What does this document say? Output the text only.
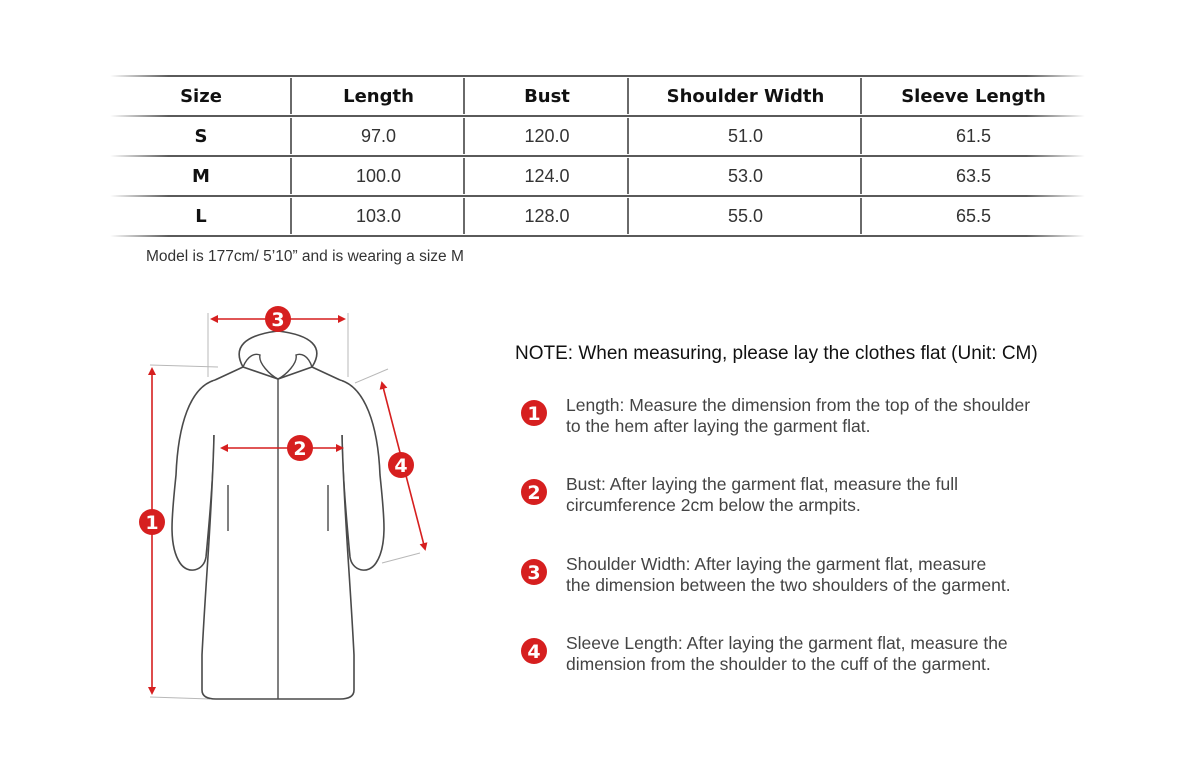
Size	Length	Bust	Shoulder Width	Sleeve Length
S	97.0	120.0	51.0	61.5
M	100.0	124.0	53.0	63.5
L	103.0	128.0	55.0	65.5
Model is 177cm/ 5’10” and is wearing a size M
1
2
3
4
NOTE: When measuring, please lay the clothes flat (Unit: CM)
1 Length: Measure the dimension from the top of the shoulder
to the hem after laying the garment flat.
2 Bust: After laying the garment flat, measure the full
circumference 2cm below the armpits.
3 Shoulder Width: After laying the garment flat, measure
the dimension between the two shoulders of the garment.
4 Sleeve Length: After laying the garment flat, measure the
dimension from the shoulder to the cuff of the garment.
